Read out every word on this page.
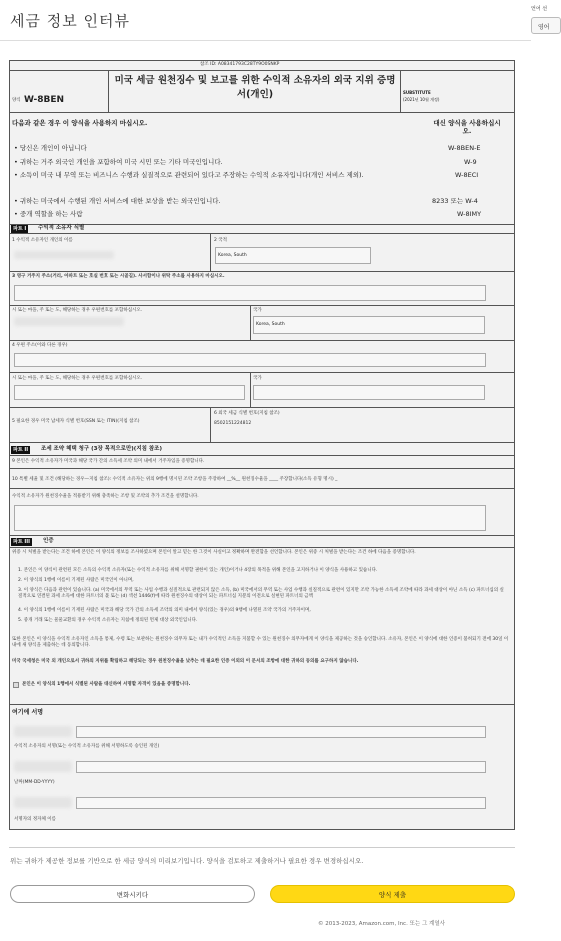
세금 정보 인터뷰
언어 선
영어
참조 ID: A08341793C28TY9O0SNKP
양식 W-8BEN
미국 세금 원천징수 및 보고를 위한 수익적 소유자의 외국 지위 증명서(개인)	SUBSTITUTE
(2021년 10월 개정)
다음과 같은 경우 이 양식을 사용하지 마십시오.	대신 양식을 사용하십시오.
• 당신은 개인이 아닙니다	W-8BEN-E
• 귀하는 거주 외국인 개인을 포함하여 미국 시민 또는 기타 미국인입니다.	W-9
• 소득이 미국 내 무역 또는 비즈니스 수행과 실질적으로 관련되어 있다고 주장하는 수익적 소유자입니다(개인 서비스 제외).	W-8ECI
• 귀하는 미국에서 수행된 개인 서비스에 대한 보상을 받는 외국인입니다.	8233 또는 W-4
• 중개 역할을 하는 사람	W-8IMY
파트 I	수익적 소유자 식별
1 수익적 소유자인 개인의 이름	2 국적
Korea, South
3 영구 거주지 주소(거리, 아파트 또는 호실 번호 또는 시골길). 사서함이나 위탁 주소를 사용하지 마십시오.
시 또는 마을, 주 또는 도, 해당하는 경우 우편번호를 포함하십시오.	국가
Korea, South
4 우편 주소(이와 다른 경우)
시 또는 마을, 주 또는 도, 해당하는 경우 우편번호를 포함하십시오.	국가
5 필요한 경우 미국 납세자 식별 번호(SSN 또는 ITIN)(지침 참조)
6 외국 세금 식별 번호(지침 참조)
850215122481​2
파트 II	조세 조약 혜택 청구 (3장 목적으로만)(지침 참조)
9 본인은 수익적 소유자가 미국과 해당 국가 간의 소득세 조약 의미 내에서 거주자임을 증명합니다.
10 특별 세율 및 조건 (해당하는 경우—지침 참조): 수익적 소유자는 위의 9행에 명시된 조약 조항을 주장하여 __%__ 원천징수율을 ____ 주장합니다(소득 유형 명시) _
수익적 소유자가 원천징수율을 적용받기 위해 충족하는 조항 및 조약의 추가 조건을 설명합니다.
파트 III	인증
위증 시 처벌을 받는다는 조건 하에 본인은 이 양식의 정보를 조사하였으며 본인이 알고 믿는 한 그것이 사실이고 정확하며 완전함을 선언합니다. 본인은 위증 시 처벌을 받는다는 조건 하에 다음을 증명합니다.
1. 본인은 이 양식이 관련된 모든 소득의 수익적 소유자(또는 수익적 소유자를 위해 서명할 권한이 있는 개인)이거나 4장의 목적을 위해 본인을 고지하거나 이 양식을 사용하고 있습니다.
2. 이 양식의 1행에 이름이 기재된 사람은 미국인이 아니며,
3. 이 양식은 다음과 관련이 있습니다. (a) 미국에서의 무역 또는 사업 수행과 실질적으로 관련되지 않은 소득, (b) 미국에서의 무역 또는 사업 수행과 실질적으로 관련이 있지만 조약 가능한 소득세 조약에 따라 과세 대상이 아닌 소득 (c) 파트너십의 실질적으로 연결된 과세 소득에 대한 파트너의 몫 또는 (d) 섹션 1446(f)에 따라 원천징수의 대상이 되는 파트너십 지분의 이전으로 실현된 파트너의 금액
4. 이 양식의 1행에 이름이 기재된 사람은 미국과 해당 국가 간의 소득세 조약의 의미 내에서 양식(있는 경우)의 9행에 나열된 조약 국가의 거주자이며,
5. 중개 거래 또는 물물교환의 경우 수익적 소유자는 지침에 정의된 면제 대상 외국인입니다.
또한 본인은 이 양식을 수익적 소유자인 소득을 통제, 수령 또는 보관하는 원천징수 의무자 또는 내가 수익적인 소득을 지불할 수 있는 원천징수 의무자에게 이 양식을 제공하는 것을 승인합니다. 소유자, 본인은 이 양식에 대한 인증이 불허되기 전에 30일 이내에 새 양식을 제출하는 데 동의합니다.
미국 국세청은 미국 외 개인으로서 귀하의 지위를 확립하고 해당되는 경우 원천징수율을 낮추는 데 필요한 인증 이외의 이 문서의 조항에 대한 귀하의 동의를 요구하지 않습니다.
본인은 이 양식의 1행에서 식별된 사람을 대신하여 서명할 자격이 있음을 증명합니다.
여기에 서명
수익적 소유자의 서명(또는 수익적 소유자를 위해 서명하도록 승인된 개인)
날짜(MM-DD-YYYY)
서명자의 정자체 이름
위는 귀하가 제공한 정보를 기반으로 한 세금 양식의 미리보기입니다. 양식을 검토하고 제출하거나 필요한 경우 변경하십시오.
변화시키다	양식 제출
© 2013-2023, Amazon.com, Inc. 또는 그 계열사
